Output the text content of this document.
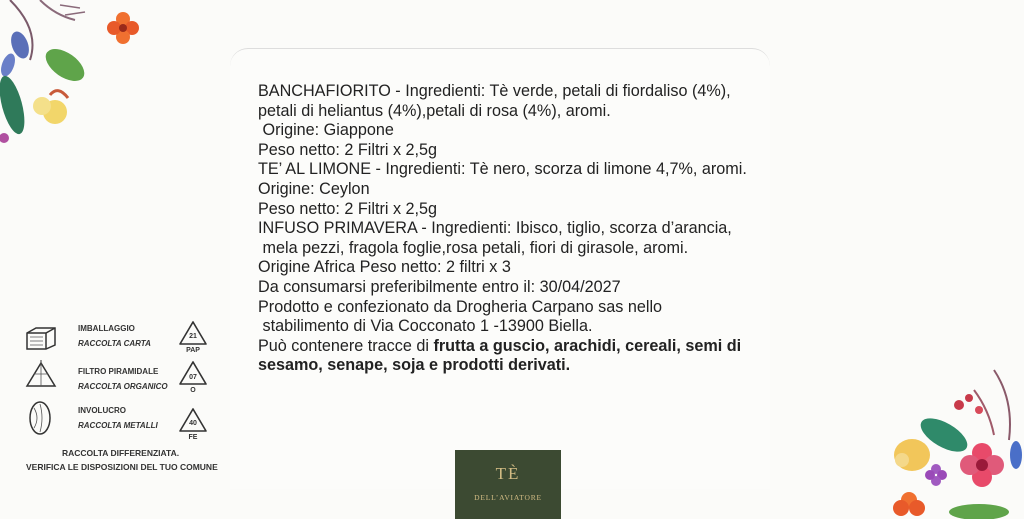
BANCHAFIORITO - Ingredienti: Tè verde, petali di fiordaliso (4%),

petali di heliantus (4%),petali di rosa (4%), aromi.

Origine: Giappone

Peso netto: 2 Filtri x 2,5g

TE’ AL LIMONE - Ingredienti: Tè nero, scorza di limone 4,7%, aromi.

Origine: Ceylon

Peso netto: 2 Filtri x 2,5g

INFUSO PRIMAVERA - Ingredienti: Ibisco, tiglio, scorza d’arancia,

mela pezzi, fragola foglie,rosa petali, fiori di girasole, aromi.

Origine Africa Peso netto: 2 filtri x 3

Da consumarsi preferibilmente entro il: 30/04/2027

Prodotto e confezionato da Drogheria Carpano sas nello

stabilimento di Via Cocconato 1 -13900 Biella.

Può contenere tracce di frutta a guscio, arachidi, cereali, semi di

sesamo, senape, soja e prodotti derivati.

IMBALLAGGIO
RACCOLTA CARTA
21
PAP
FILTRO PIRAMIDALE
RACCOLTA ORGANICO
07
O
INVOLUCRO
RACCOLTA METALLI	40
FE
RACCOLTA DIFFERENZIATA.
VERIFICA LE DISPOSIZIONI DEL TUO COMUNE	TÈ
DELL’AVIATORE
